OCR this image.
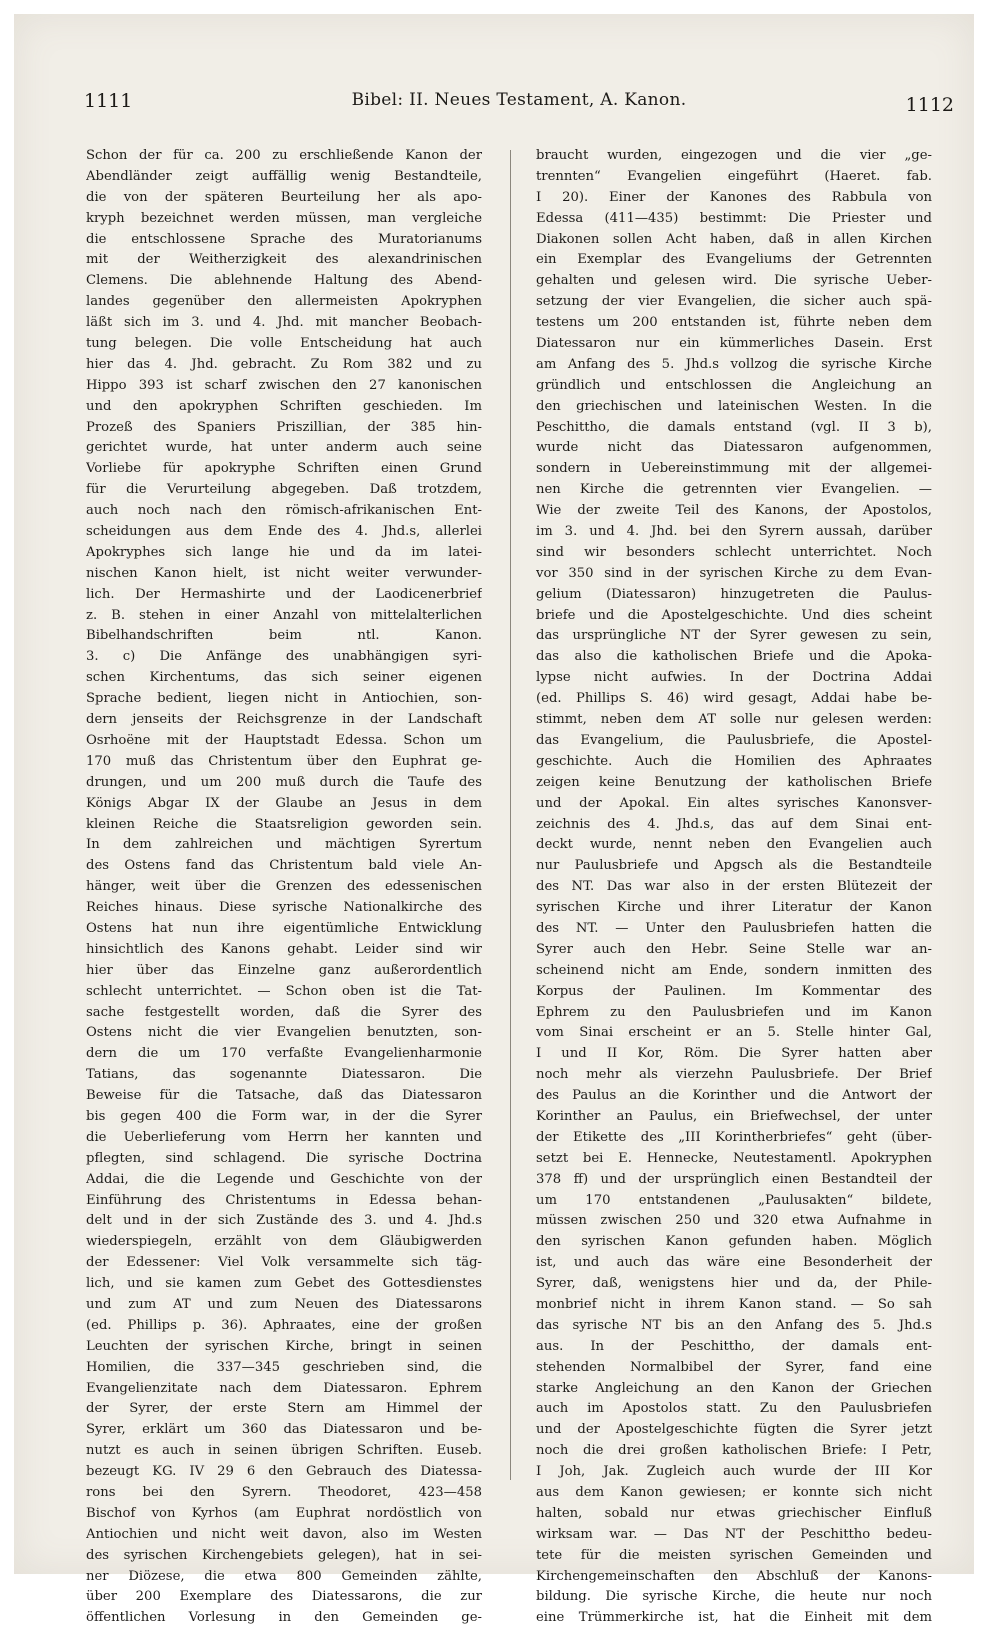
1111	Bibel: II. Neues Testament, A. Kanon.	1112
Schon der für ca. 200 zu erschließende Kanon der
Abendländer zeigt auffällig wenig Bestandteile,
die von der späteren Beurteilung her als apo-
kryph bezeichnet werden müssen, man vergleiche
die entschlossene Sprache des Muratorianums
mit der Weitherzigkeit des alexandrinischen
Clemens. Die ablehnende Haltung des Abend-
landes gegenüber den allermeisten Apokryphen
läßt sich im 3. und 4. Jhd. mit mancher Beobach-
tung belegen. Die volle Entscheidung hat auch
hier das 4. Jhd. gebracht. Zu Rom 382 und zu
Hippo 393 ist scharf zwischen den 27 kanonischen
und den apokryphen Schriften geschieden. Im
Prozeß des Spaniers Priszillian, der 385 hin-
gerichtet wurde, hat unter anderm auch seine
Vorliebe für apokryphe Schriften einen Grund
für die Verurteilung abgegeben. Daß trotzdem,
auch noch nach den römisch-afrikanischen Ent-
scheidungen aus dem Ende des 4. Jhd.s, allerlei
Apokryphes sich lange hie und da im latei-
nischen Kanon hielt, ist nicht weiter verwunder-
lich. Der Hermashirte und der Laodicenerbrief
z. B. stehen in einer Anzahl von mittelalterlichen
Bibelhandschriften beim ntl. Kanon.
3. c) Die Anfänge des unabhängigen syri-
schen Kirchentums, das sich seiner eigenen
Sprache bedient, liegen nicht in Antiochien, son-
dern jenseits der Reichsgrenze in der Landschaft
Osrhoëne mit der Hauptstadt Edessa. Schon um
170 muß das Christentum über den Euphrat ge-
drungen, und um 200 muß durch die Taufe des
Königs Abgar IX der Glaube an Jesus in dem
kleinen Reiche die Staatsreligion geworden sein.
In dem zahlreichen und mächtigen Syrertum
des Ostens fand das Christentum bald viele An-
hänger, weit über die Grenzen des edessenischen
Reiches hinaus. Diese syrische Nationalkirche des
Ostens hat nun ihre eigentümliche Entwicklung
hinsichtlich des Kanons gehabt. Leider sind wir
hier über das Einzelne ganz außerordentlich
schlecht unterrichtet. — Schon oben ist die Tat-
sache festgestellt worden, daß die Syrer des
Ostens nicht die vier Evangelien benutzten, son-
dern die um 170 verfaßte Evangelienharmonie
Tatians, das sogenannte Diatessaron. Die
Beweise für die Tatsache, daß das Diatessaron
bis gegen 400 die Form war, in der die Syrer
die Ueberlieferung vom Herrn her kannten und
pflegten, sind schlagend. Die syrische Doctrina
Addai, die die Legende und Geschichte von der
Einführung des Christentums in Edessa behan-
delt und in der sich Zustände des 3. und 4. Jhd.s
wiederspiegeln, erzählt von dem Gläubigwerden
der Edessener: Viel Volk versammelte sich täg-
lich, und sie kamen zum Gebet des Gottesdienstes
und zum AT und zum Neuen des Diatessarons
(ed. Phillips p. 36). Aphraates, eine der großen
Leuchten der syrischen Kirche, bringt in seinen
Homilien, die 337—345 geschrieben sind, die
Evangelienzitate nach dem Diatessaron. Ephrem
der Syrer, der erste Stern am Himmel der
Syrer, erklärt um 360 das Diatessaron und be-
nutzt es auch in seinen übrigen Schriften. Euseb.
bezeugt KG. IV 29 6 den Gebrauch des Diatessa-
rons bei den Syrern. Theodoret, 423—458
Bischof von Kyrhos (am Euphrat nordöstlich von
Antiochien und nicht weit davon, also im Westen
des syrischen Kirchengebiets gelegen), hat in sei-
ner Diözese, die etwa 800 Gemeinden zählte,
über 200 Exemplare des Diatessarons, die zur
öffentlichen Vorlesung in den Gemeinden ge-
braucht wurden, eingezogen und die vier „ge-
trennten“ Evangelien eingeführt (Haeret. fab.
I 20). Einer der Kanones des Rabbula von
Edessa (411—435) bestimmt: Die Priester und
Diakonen sollen Acht haben, daß in allen Kirchen
ein Exemplar des Evangeliums der Getrennten
gehalten und gelesen wird. Die syrische Ueber-
setzung der vier Evangelien, die sicher auch spä-
testens um 200 entstanden ist, führte neben dem
Diatessaron nur ein kümmerliches Dasein. Erst
am Anfang des 5. Jhd.s vollzog die syrische Kirche
gründlich und entschlossen die Angleichung an
den griechischen und lateinischen Westen. In die
Peschittho, die damals entstand (vgl. II 3 b),
wurde nicht das Diatessaron aufgenommen,
sondern in Uebereinstimmung mit der allgemei-
nen Kirche die getrennten vier Evangelien. —
Wie der zweite Teil des Kanons, der Apostolos,
im 3. und 4. Jhd. bei den Syrern aussah, darüber
sind wir besonders schlecht unterrichtet. Noch
vor 350 sind in der syrischen Kirche zu dem Evan-
gelium (Diatessaron) hinzugetreten die Paulus-
briefe und die Apostelgeschichte. Und dies scheint
das ursprüngliche NT der Syrer gewesen zu sein,
das also die katholischen Briefe und die Apoka-
lypse nicht aufwies. In der Doctrina Addai
(ed. Phillips S. 46) wird gesagt, Addai habe be-
stimmt, neben dem AT solle nur gelesen werden:
das Evangelium, die Paulusbriefe, die Apostel-
geschichte. Auch die Homilien des Aphraates
zeigen keine Benutzung der katholischen Briefe
und der Apokal. Ein altes syrisches Kanonsver-
zeichnis des 4. Jhd.s, das auf dem Sinai ent-
deckt wurde, nennt neben den Evangelien auch
nur Paulusbriefe und Apgsch als die Bestandteile
des NT. Das war also in der ersten Blütezeit der
syrischen Kirche und ihrer Literatur der Kanon
des NT. — Unter den Paulusbriefen hatten die
Syrer auch den Hebr. Seine Stelle war an-
scheinend nicht am Ende, sondern inmitten des
Korpus der Paulinen. Im Kommentar des
Ephrem zu den Paulusbriefen und im Kanon
vom Sinai erscheint er an 5. Stelle hinter Gal,
I und II Kor, Röm. Die Syrer hatten aber
noch mehr als vierzehn Paulusbriefe. Der Brief
des Paulus an die Korinther und die Antwort der
Korinther an Paulus, ein Briefwechsel, der unter
der Etikette des „III Korintherbriefes“ geht (über-
setzt bei E. Hennecke, Neutestamentl. Apokryphen
378 ff) und der ursprünglich einen Bestandteil der
um 170 entstandenen „Paulusakten“ bildete,
müssen zwischen 250 und 320 etwa Aufnahme in
den syrischen Kanon gefunden haben. Möglich
ist, und auch das wäre eine Besonderheit der
Syrer, daß, wenigstens hier und da, der Phile-
monbrief nicht in ihrem Kanon stand. — So sah
das syrische NT bis an den Anfang des 5. Jhd.s
aus. In der Peschittho, der damals ent-
stehenden Normalbibel der Syrer, fand eine
starke Angleichung an den Kanon der Griechen
auch im Apostolos statt. Zu den Paulusbriefen
und der Apostelgeschichte fügten die Syrer jetzt
noch die drei großen katholischen Briefe: I Petr,
I Joh, Jak. Zugleich auch wurde der III Kor
aus dem Kanon gewiesen; er konnte sich nicht
halten, sobald nur etwas griechischer Einfluß
wirksam war. — Das NT der Peschittho bedeu-
tete für die meisten syrischen Gemeinden und
Kirchengemeinschaften den Abschluß der Kanons-
bildung. Die syrische Kirche, die heute nur noch
eine Trümmerkirche ist, hat die Einheit mit dem
